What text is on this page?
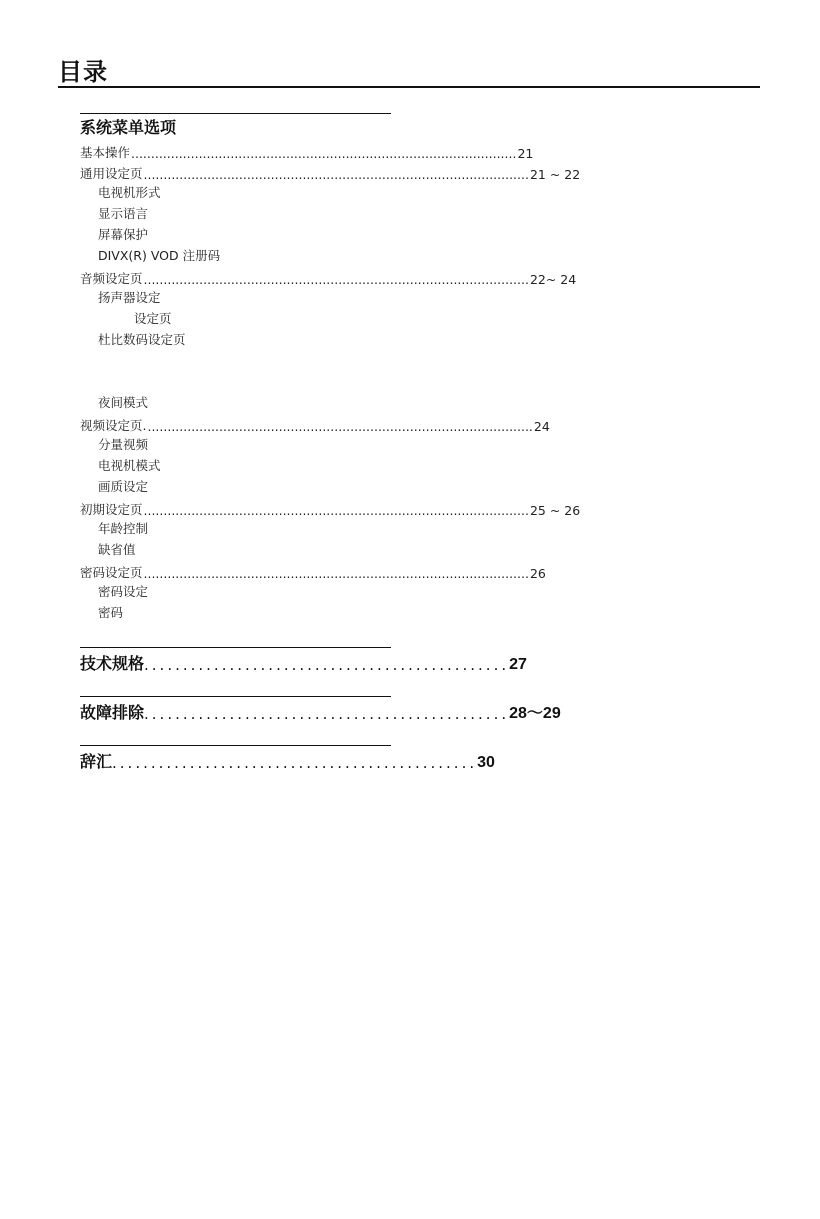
目录
系统菜单选项
基本操作 ................................................................................................. 21
通用设定页 ................................................................................................. 21 ~ 22
电视机形式
显示语言
屏幕保护
DIVX(R) VOD 注册码
音频设定页 ................................................................................................. 22~ 24
扬声器设定
设定页
杜比数码设定页
夜间模式
视频设定页. ................................................................................................. 24
分量视频
电视机模式
画质设定
初期设定页 ................................................................................................. 25 ~ 26
年龄控制
缺省值
密码设定页 ................................................................................................. 26
密码设定
密码
技术规格 ............................................... 27
故障排除 ............................................... 28～29
辞汇 ............................................... 30
